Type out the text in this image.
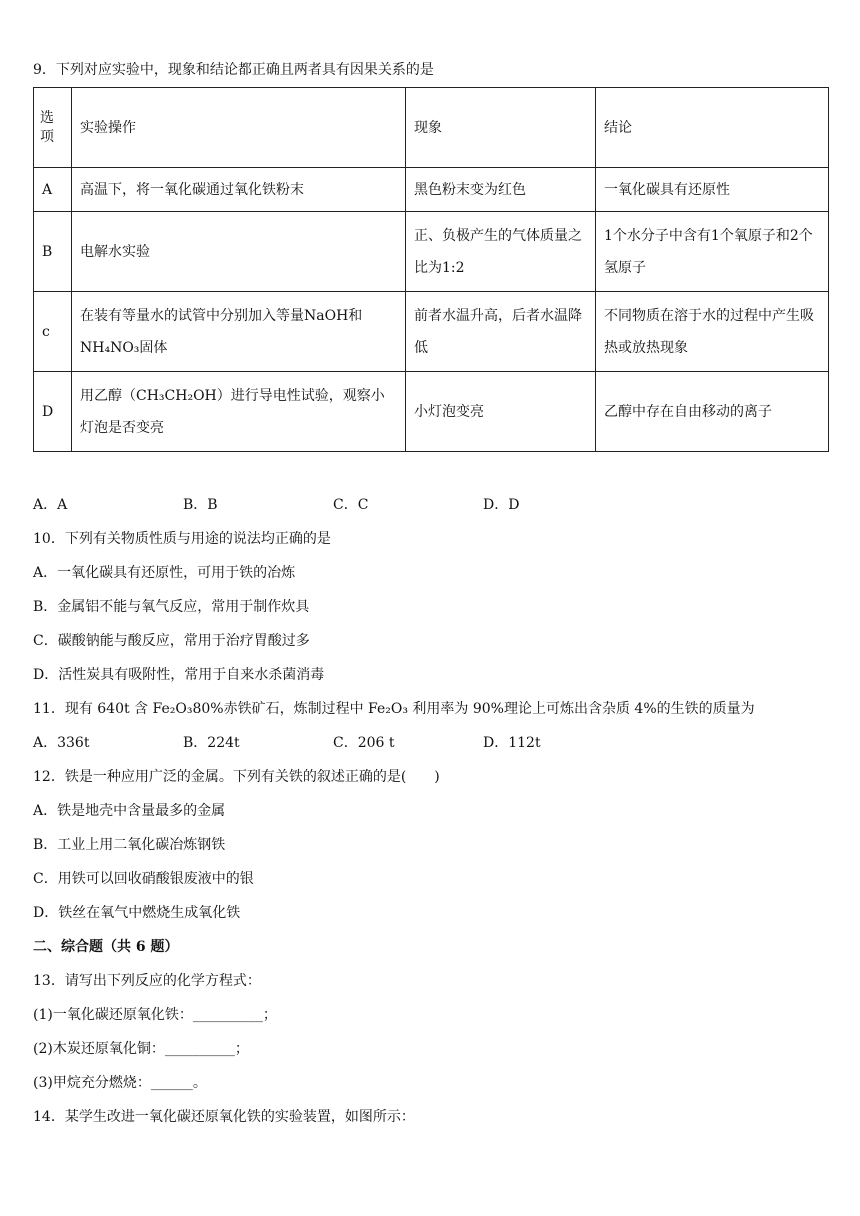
9．下列对应实验中，现象和结论都正确且两者具有因果关系的是
选
项	实验操作	现象	结论
A	高温下，将一氧化碳通过氧化铁粉末	黑色粉末变为红色	一氧化碳具有还原性
B	电解水实验	正、负极产生的气体质量之比为1:2	1个水分子中含有1个氧原子和2个氢原子
c	在装有等量水的试管中分别加入等量NaOH和NH₄NO₃固体	前者水温升高，后者水温降低	不同物质在溶于水的过程中产生吸热或放热现象
D	用乙醇（CH₃CH₂OH）进行导电性试验，观察小灯泡是否变亮	小灯泡变亮	乙醇中存在自由移动的离子
A．A	B．B	C．C	D．D
10．下列有关物质性质与用途的说法均正确的是
A．一氧化碳具有还原性，可用于铁的冶炼
B．金属铝不能与氧气反应，常用于制作炊具
C．碳酸钠能与酸反应，常用于治疗胃酸过多
D．活性炭具有吸附性，常用于自来水杀菌消毒
11．现有 640t 含 Fe₂O₃80%赤铁矿石，炼制过程中 Fe₂O₃ 利用率为 90%理论上可炼出含杂质 4%的生铁的质量为
A．336t	B．224t	C．206 t	D．112t
12．铁是一种应用广泛的金属。下列有关铁的叙述正确的是(　　)
A．铁是地壳中含量最多的金属
B．工业上用二氧化碳冶炼钢铁
C．用铁可以回收硝酸银废液中的银
D．铁丝在氧气中燃烧生成氧化铁
二、综合题（共 6 题）
13．请写出下列反应的化学方程式：
(1)一氧化碳还原氧化铁：__________；
(2)木炭还原氧化铜：__________；
(3)甲烷充分燃烧：______。
14．某学生改进一氧化碳还原氧化铁的实验装置，如图所示：
